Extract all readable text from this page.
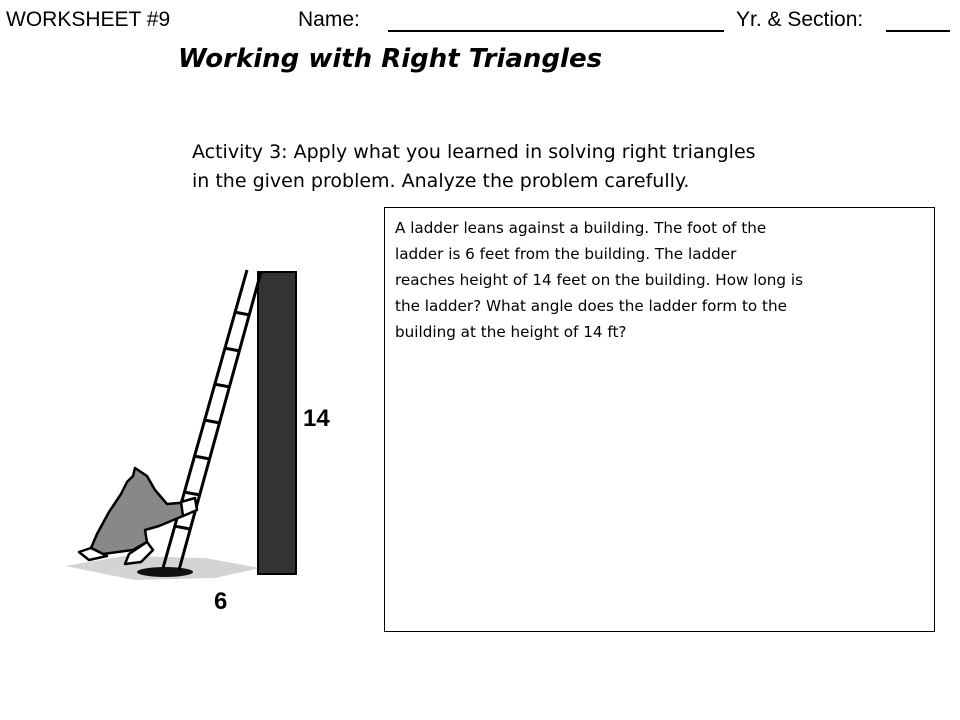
WORKSHEET #9	Name:	Yr. & Section:
Working with Right Triangles
Activity 3: Apply what you learned in solving right triangles
in the given problem. Analyze the problem carefully.
A ladder leans against a building. The foot of the
ladder is 6 feet from the building. The ladder
reaches height of 14 feet on the building. How long is
the ladder? What angle does the ladder form to the
building at the height of 14 ft?
14
6
